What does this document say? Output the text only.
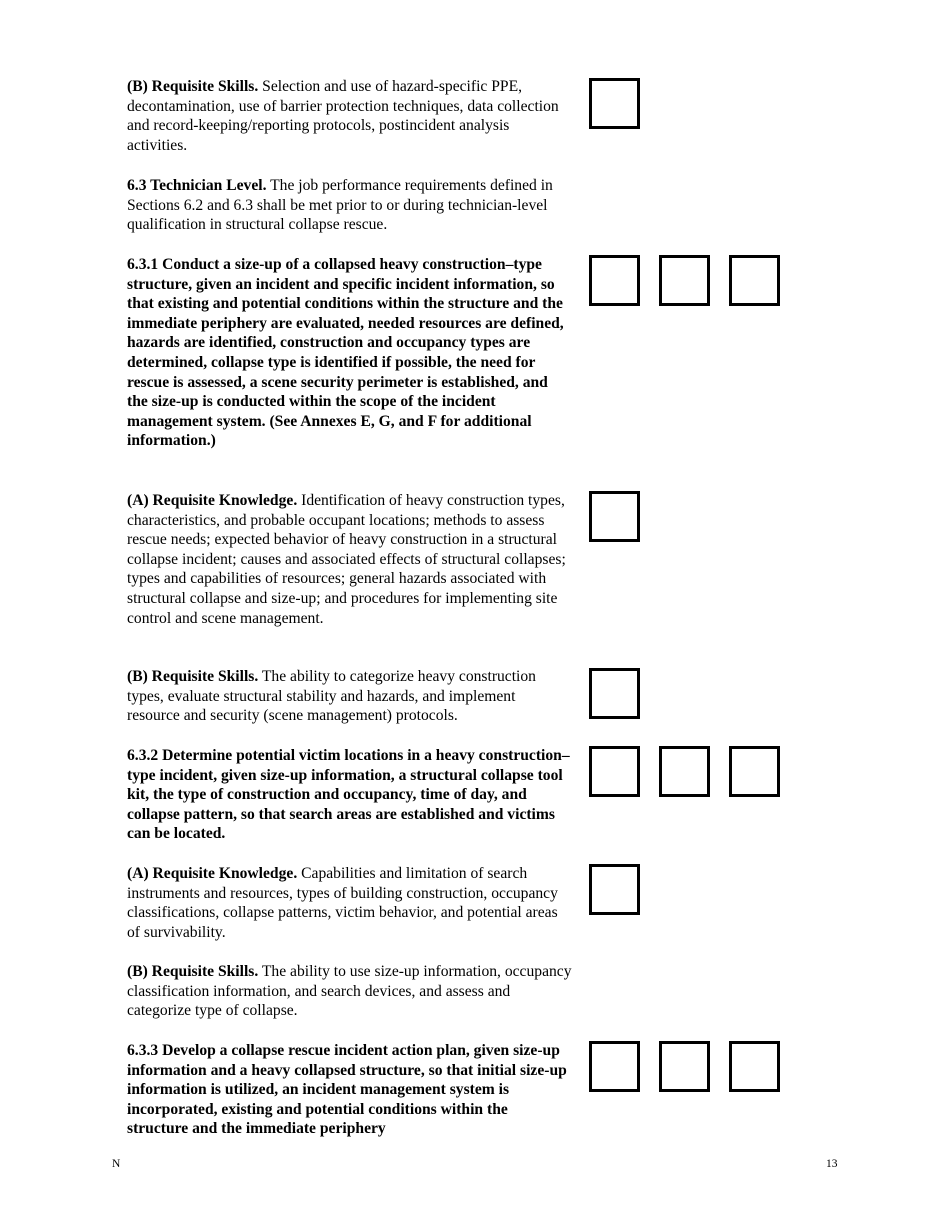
(B) Requisite Skills. Selection and use of hazard-specific PPE, decontamination, use of barrier protection techniques, data collection and record-keeping/reporting protocols, postincident analysis activities.

6.3 Technician Level. The job performance requirements defined in Sections 6.2 and 6.3 shall be met prior to or during technician-level qualification in structural collapse rescue.

6.3.1 Conduct a size-up of a collapsed heavy construction–type structure, given an incident and specific incident information, so that existing and potential conditions within the structure and the immediate periphery are evaluated, needed resources are defined, hazards are identified, construction and occupancy types are determined, collapse type is identified if possible, the need for rescue is assessed, a scene security perimeter is established, and the size-up is conducted within the scope of the incident management system. (See Annexes E, G, and F for additional information.)

(A) Requisite Knowledge. Identification of heavy construction types, characteristics, and probable occupant locations; methods to assess rescue needs; expected behavior of heavy construction in a structural collapse incident; causes and associated effects of structural collapses; types and capabilities of resources; general hazards associated with structural collapse and size-up; and procedures for implementing site control and scene management.

(B) Requisite Skills. The ability to categorize heavy construction types, evaluate structural stability and hazards, and implement resource and security (scene management) protocols.

6.3.2 Determine potential victim locations in a heavy construction–type incident, given size-up information, a structural collapse tool kit, the type of construction and occupancy, time of day, and collapse pattern, so that search areas are established and victims can be located.

(A) Requisite Knowledge. Capabilities and limitation of search instruments and resources, types of building construction, occupancy classifications, collapse patterns, victim behavior, and potential areas of survivability.

(B) Requisite Skills. The ability to use size-up information, occupancy classification information, and search devices, and assess and categorize type of collapse.

6.3.3 Develop a collapse rescue incident action plan, given size-up information and a heavy collapsed structure, so that initial size-up information is utilized, an incident management system is incorporated, existing and potential conditions within the structure and the immediate periphery

N	13
